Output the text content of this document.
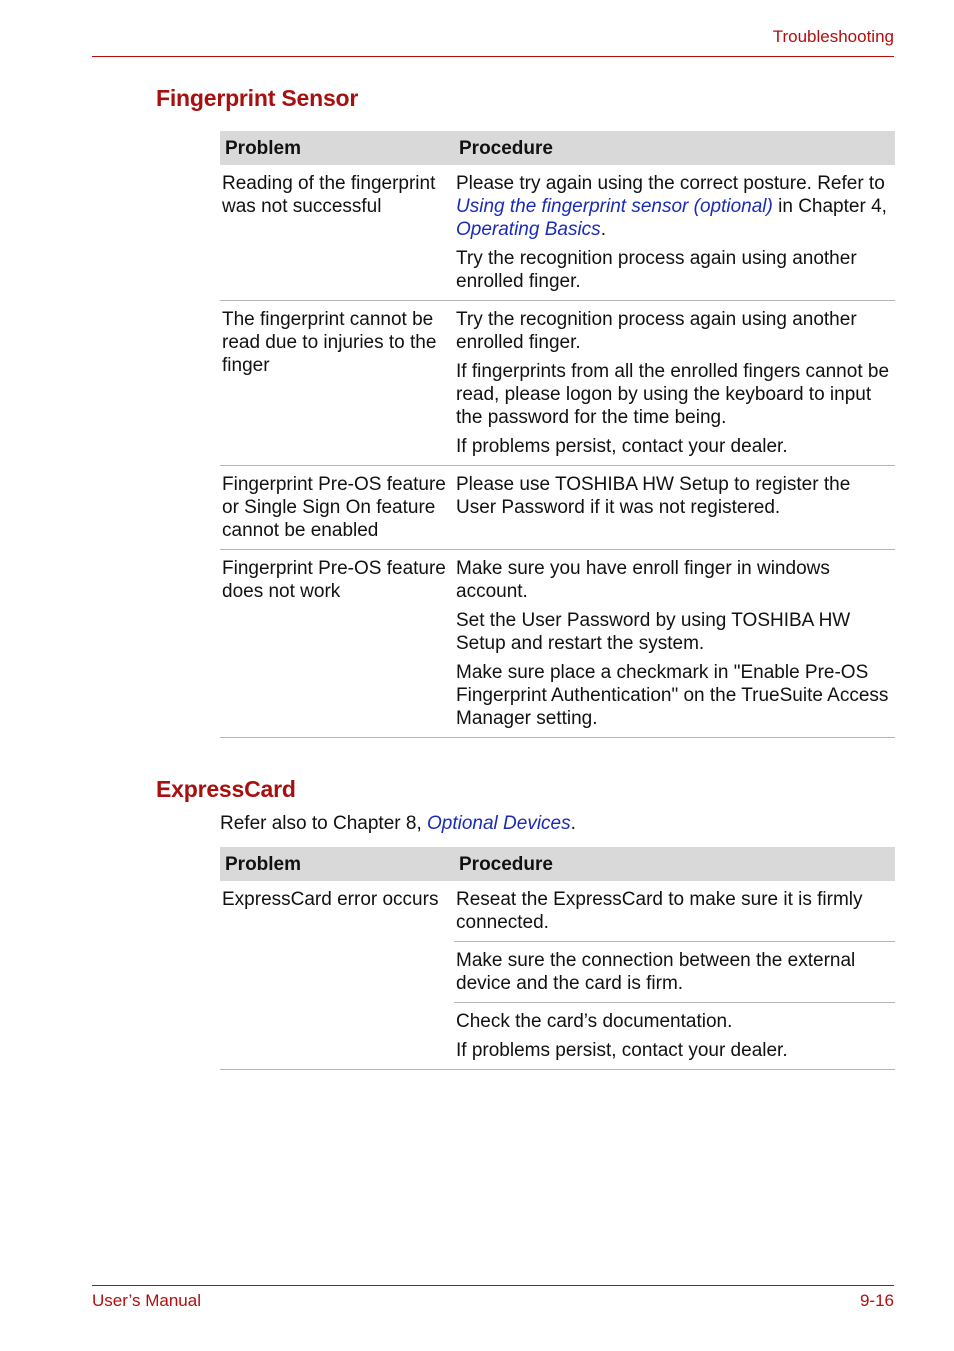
Troubleshooting
Fingerprint Sensor
Problem	Procedure
Reading of the fingerprint was not successful	Please try again using the correct posture. Refer to Using the fingerprint sensor (optional) in Chapter 4, Operating Basics.

Try the recognition process again using another enrolled finger.

The fingerprint cannot be read due to injuries to the finger	Try the recognition process again using another enrolled finger.

If fingerprints from all the enrolled fingers cannot be read, please logon by using the keyboard to input the password for the time being.

If problems persist, contact your dealer.

Fingerprint Pre-OS feature or Single Sign On feature cannot be enabled	Please use TOSHIBA HW Setup to register the User Password if it was not registered.

Fingerprint Pre-OS feature does not work	Make sure you have enroll finger in windows account.

Set the User Password by using TOSHIBA HW Setup and restart the system.

Make sure place a checkmark in "Enable Pre-OS Fingerprint Authentication" on the TrueSuite Access Manager setting.

ExpressCard
Refer also to Chapter 8, Optional Devices.
Problem	Procedure
ExpressCard error occurs	Reseat the ExpressCard to make sure it is firmly connected.

	Make sure the connection between the external device and the card is firm.

	Check the card’s documentation.

If problems persist, contact your dealer.

User’s Manual	9-16
